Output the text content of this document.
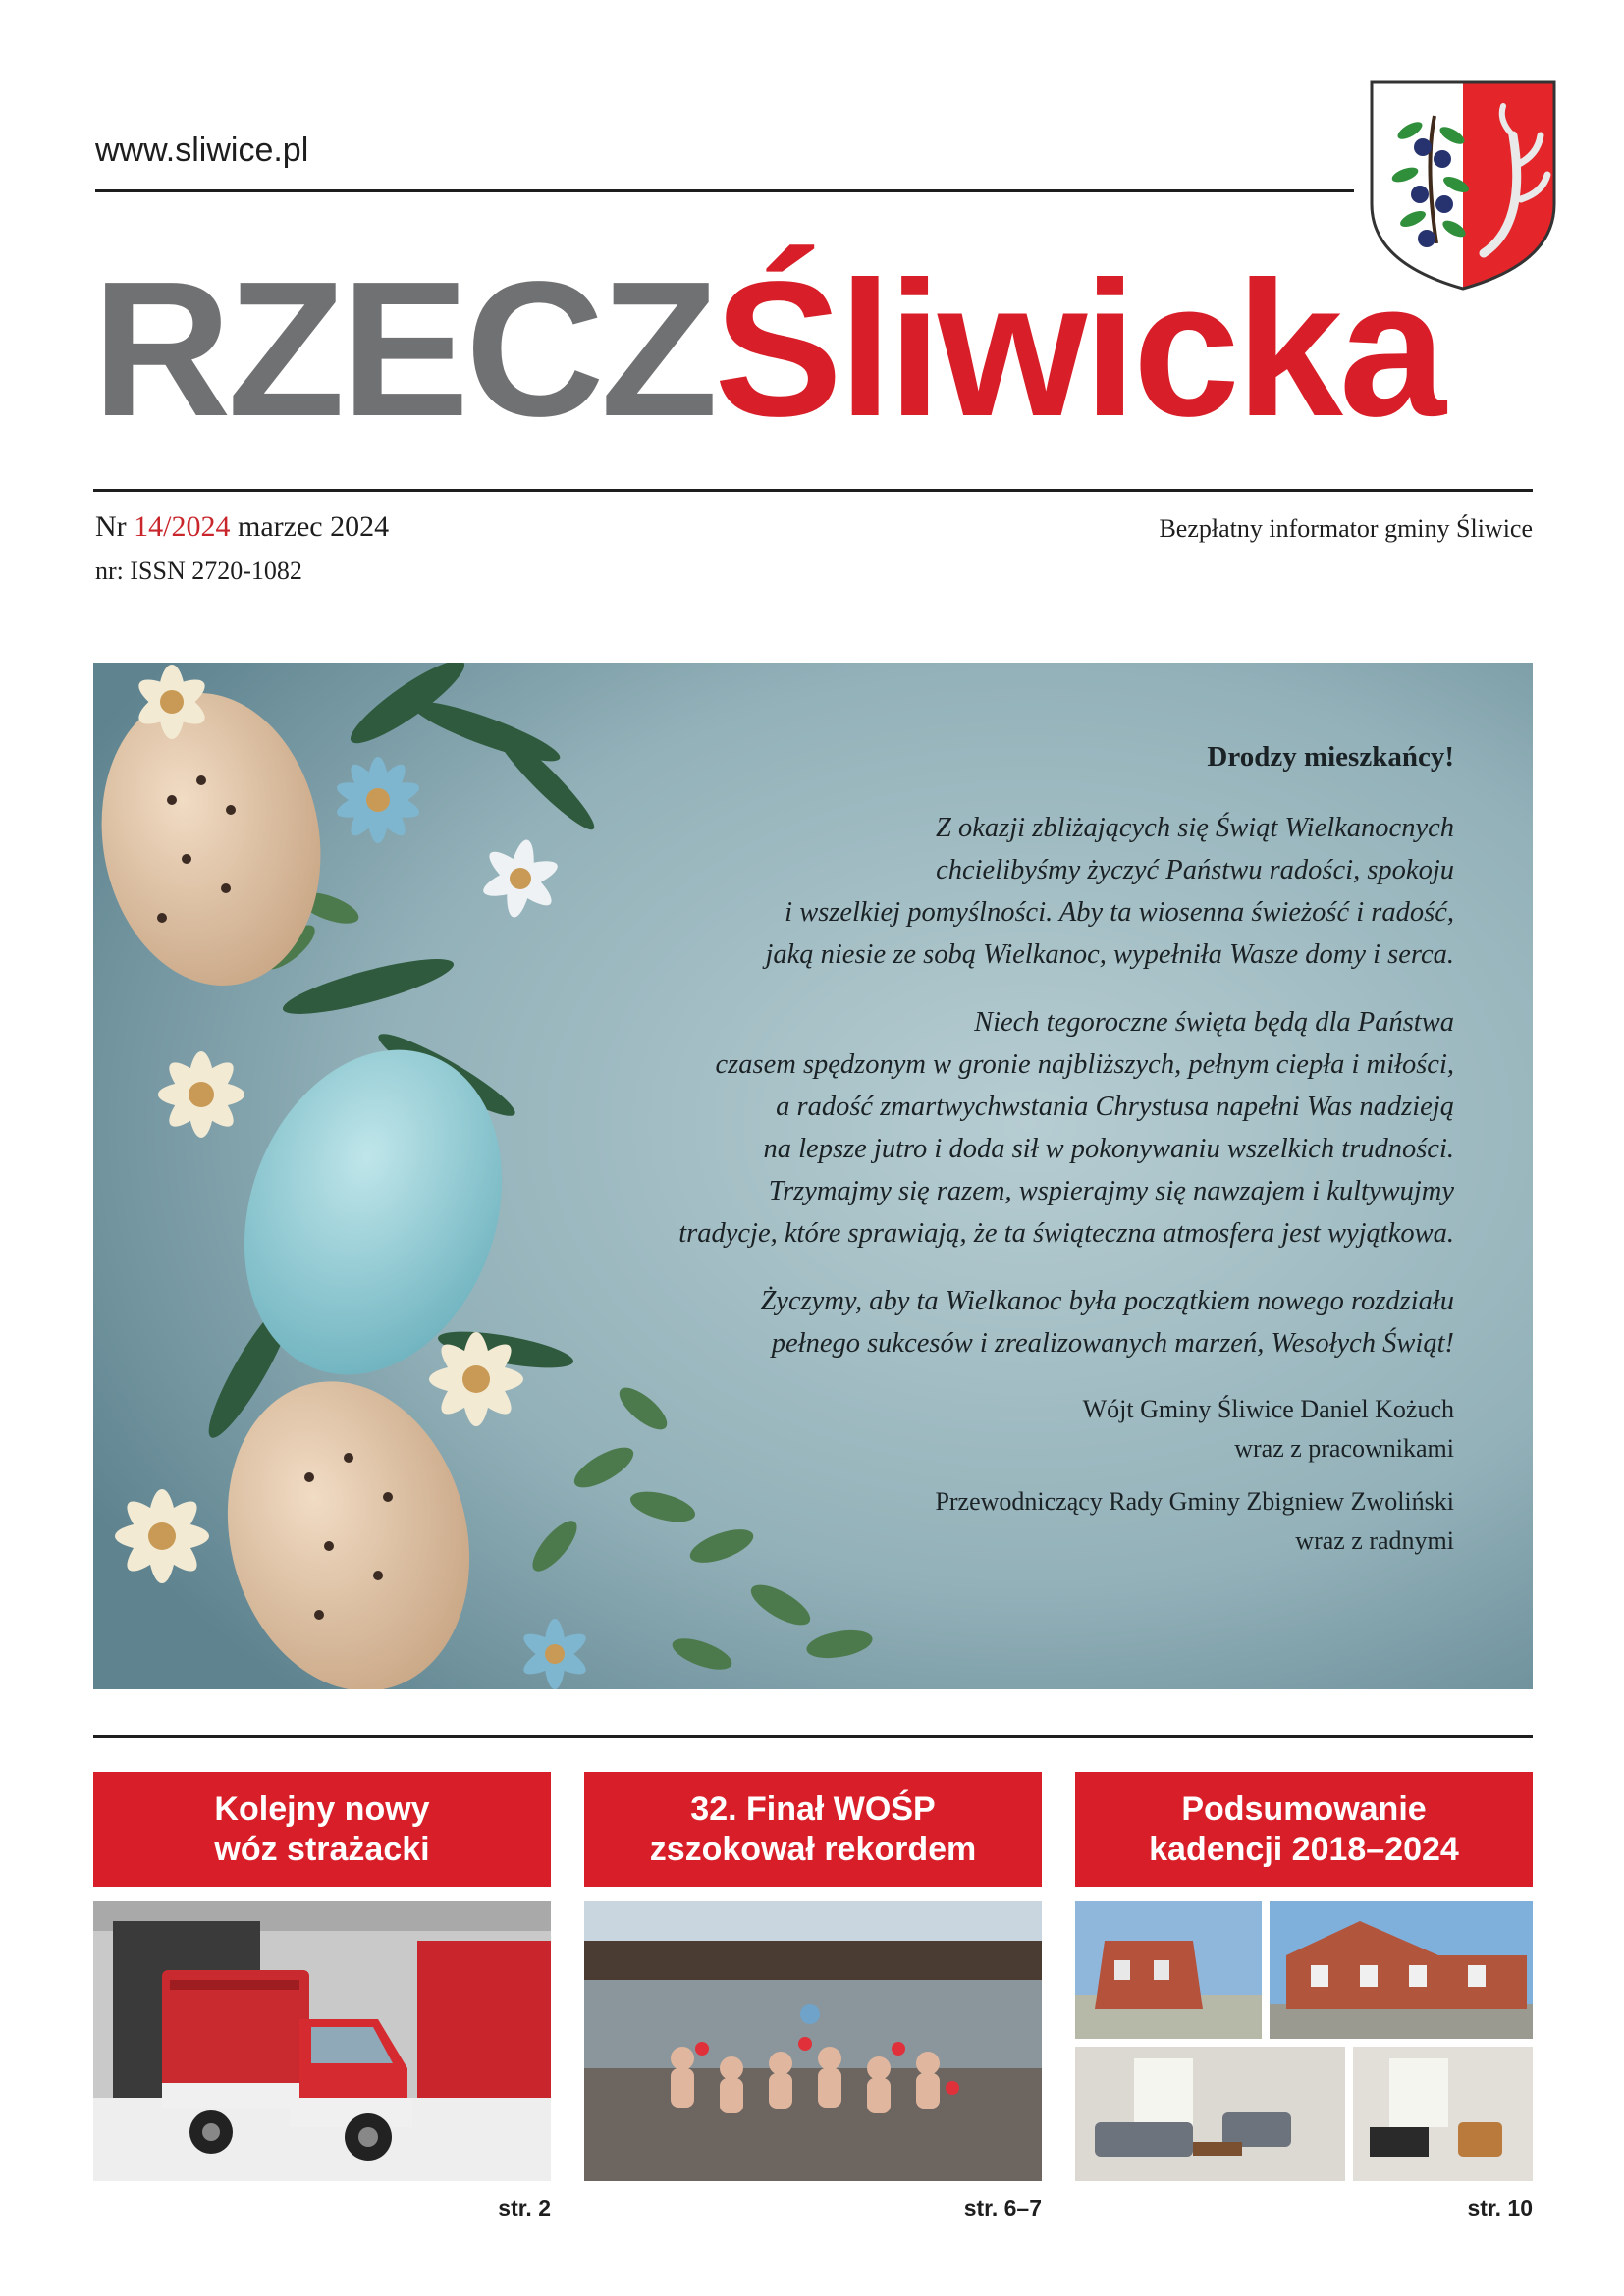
www.sliwice.pl
RZECZŚliwicka
Nr 14/2024 marzec 2024
nr: ISSN 2720-1082
Bezpłatny informator gminy Śliwice

Drodzy mieszkańcy!

Z okazji zbliżających się Świąt Wielkanocnych
chcielibyśmy życzyć Państwu radości, spokoju
i wszelkiej pomyślności. Aby ta wiosenna świeżość i radość,
jaką niesie ze sobą Wielkanoc, wypełniła Wasze domy i serca.

Niech tegoroczne święta będą dla Państwa
czasem spędzonym w gronie najbliższych, pełnym ciepła i miłości,
a radość zmartwychwstania Chrystusa napełni Was nadzieją
na lepsze jutro i doda sił w pokonywaniu wszelkich trudności.
Trzymajmy się razem, wspierajmy się nawzajem i kultywujmy
tradycje, które sprawiają, że ta świąteczna atmosfera jest wyjątkowa.

Życzymy, aby ta Wielkanoc była początkiem nowego rozdziału
pełnego sukcesów i zrealizowanych marzeń, Wesołych Świąt!

Wójt Gminy Śliwice Daniel Kożuch
wraz z pracownikami

Przewodniczący Rady Gminy Zbigniew Zwoliński
wraz z radnymi

Kolejny nowy
wóz strażacki
str. 2
32. Finał WOŚP
zszokował rekordem
str. 6–7
Podsumowanie
kadencji 2018–2024
str. 10
